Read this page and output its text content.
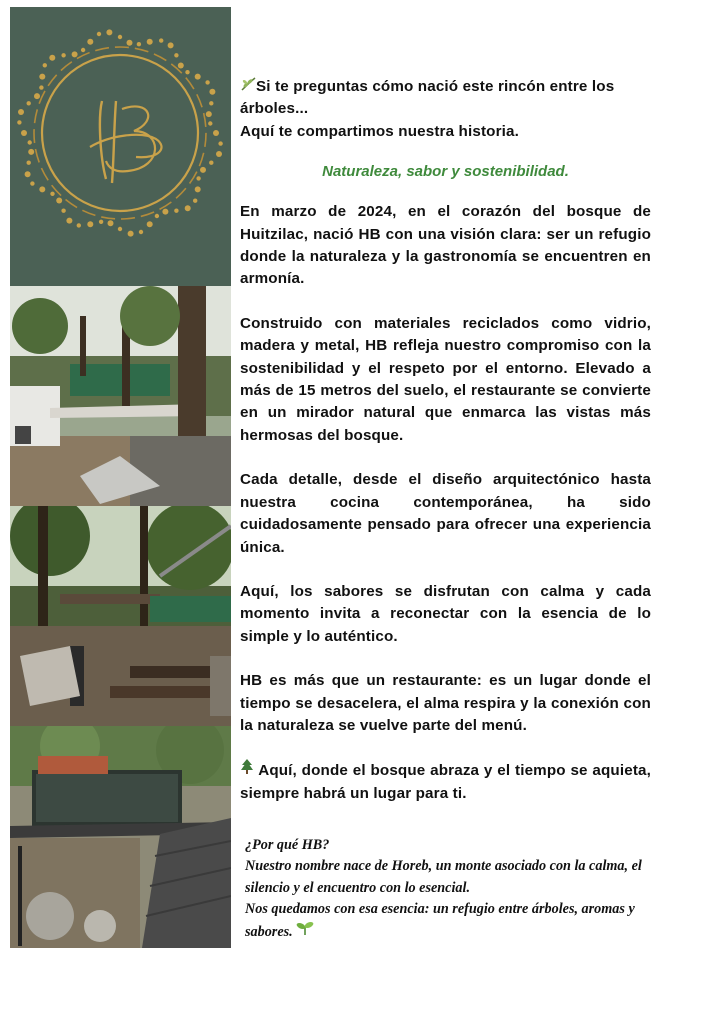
HB

Si te preguntas cómo nació este rincón entre los árboles...
Aquí te compartimos nuestra historia.

Naturaleza, sabor y sostenibilidad.

En marzo de 2024, en el corazón del bosque de Huitzilac, nació HB con una visión clara: ser un refugio donde la naturaleza y la gastronomía se encuentren en armonía.

Construido con materiales reciclados como vidrio, madera y metal, HB refleja nuestro compromiso con la sostenibilidad y el respeto por el entorno. Elevado a más de 15 metros del suelo, el restaurante se convierte en un mirador natural que enmarca las vistas más hermosas del bosque.

Cada detalle, desde el diseño arquitectónico hasta nuestra cocina contemporánea, ha sido cuidadosamente pensado para ofrecer una experiencia única.

Aquí, los sabores se disfrutan con calma y cada momento invita a reconectar con la esencia de lo simple y lo auténtico.

HB es más que un restaurante: es un lugar donde el tiempo se desacelera, el alma respira y la conexión con la naturaleza se vuelve parte del menú.

Aquí, donde el bosque abraza y el tiempo se aquieta, siempre habrá un lugar para ti.

¿Por qué HB?

Nuestro nombre nace de Horeb, un monte asociado con la calma, el silencio y el encuentro con lo esencial.

Nos quedamos con esa esencia: un refugio entre árboles, aromas y sabores.
